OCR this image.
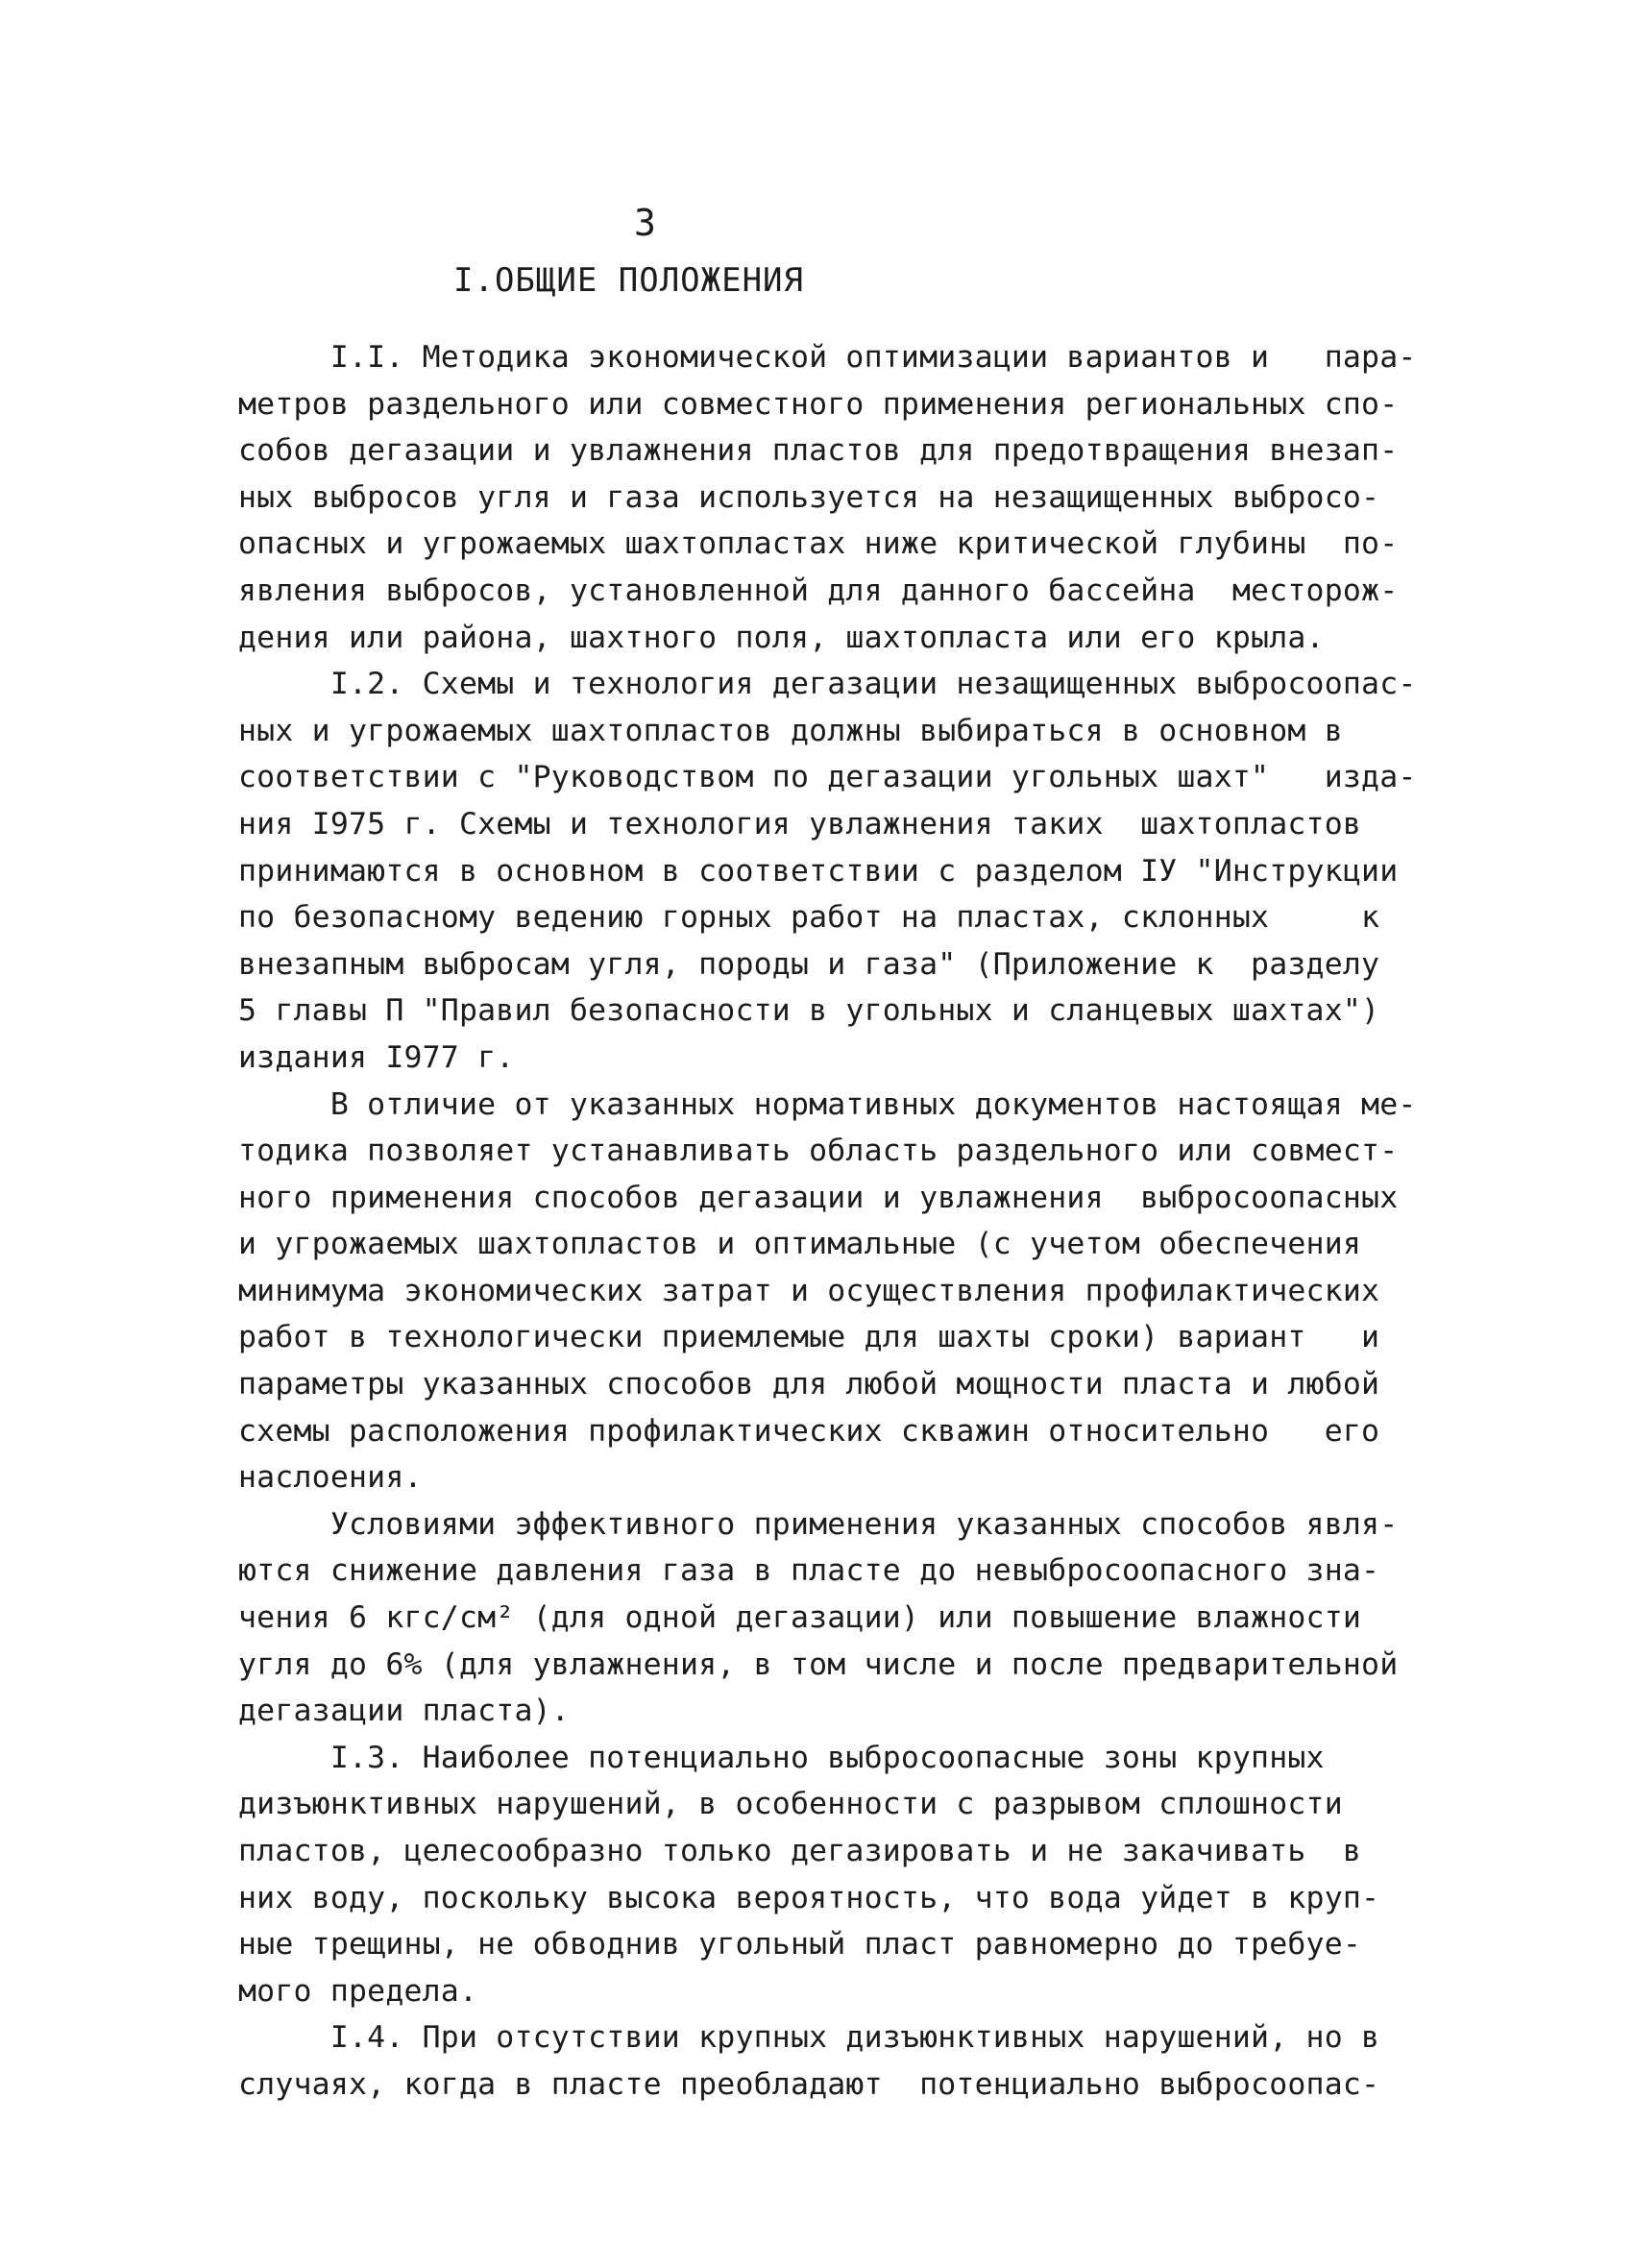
3
I.ОБЩИЕ ПОЛОЖЕНИЯ
I.I. Методика экономической оптимизации вариантов и   пара-
метров раздельного или совместного применения региональных спо-
собов дегазации и увлажнения пластов для предотвращения внезап-
ных выбросов угля и газа используется на незащищенных выбросо-
опасных и угрожаемых шахтопластах ниже критической глубины  по-
явления выбросов, установленной для данного бассейна  месторож-
дения или района, шахтного поля, шахтопласта или его крыла.
I.2. Схемы и технология дегазации незащищенных выбросоопас-
ных и угрожаемых шахтопластов должны выбираться в основном в
соответствии с "Руководством по дегазации угольных шахт"   изда-
ния I975 г. Схемы и технология увлажнения таких  шахтопластов
принимаются в основном в соответствии с разделом IУ "Инструкции
по безопасному ведению горных работ на пластах, склонных     к
внезапным выбросам угля, породы и газа" (Приложение к  разделу
5 главы П "Правил безопасности в угольных и сланцевых шахтах")
издания I977 г.
В отличие от указанных нормативных документов настоящая ме-
тодика позволяет устанавливать область раздельного или совмест-
ного применения способов дегазации и увлажнения  выбросоопасных
и угрожаемых шахтопластов и оптимальные (с учетом обеспечения
минимума экономических затрат и осуществления профилактических
работ в технологически приемлемые для шахты сроки) вариант   и
параметры указанных способов для любой мощности пласта и любой
схемы расположения профилактических скважин относительно   его
наслоения.
Условиями эффективного применения указанных способов явля-
ются снижение давления газа в пласте до невыбросоопасного зна-
чения 6 кгс/см² (для одной дегазации) или повышение влажности
угля до 6% (для увлажнения, в том числе и после предварительной
дегазации пласта).
I.3. Наиболее потенциально выбросоопасные зоны крупных
дизъюнктивных нарушений, в особенности с разрывом сплошности
пластов, целесообразно только дегазировать и не закачивать  в
них воду, поскольку высока вероятность, что вода уйдет в круп-
ные трещины, не обводнив угольный пласт равномерно до требуе-
мого предела.
I.4. При отсутствии крупных дизъюнктивных нарушений, но в
случаях, когда в пласте преобладают  потенциально выбросоопас-
